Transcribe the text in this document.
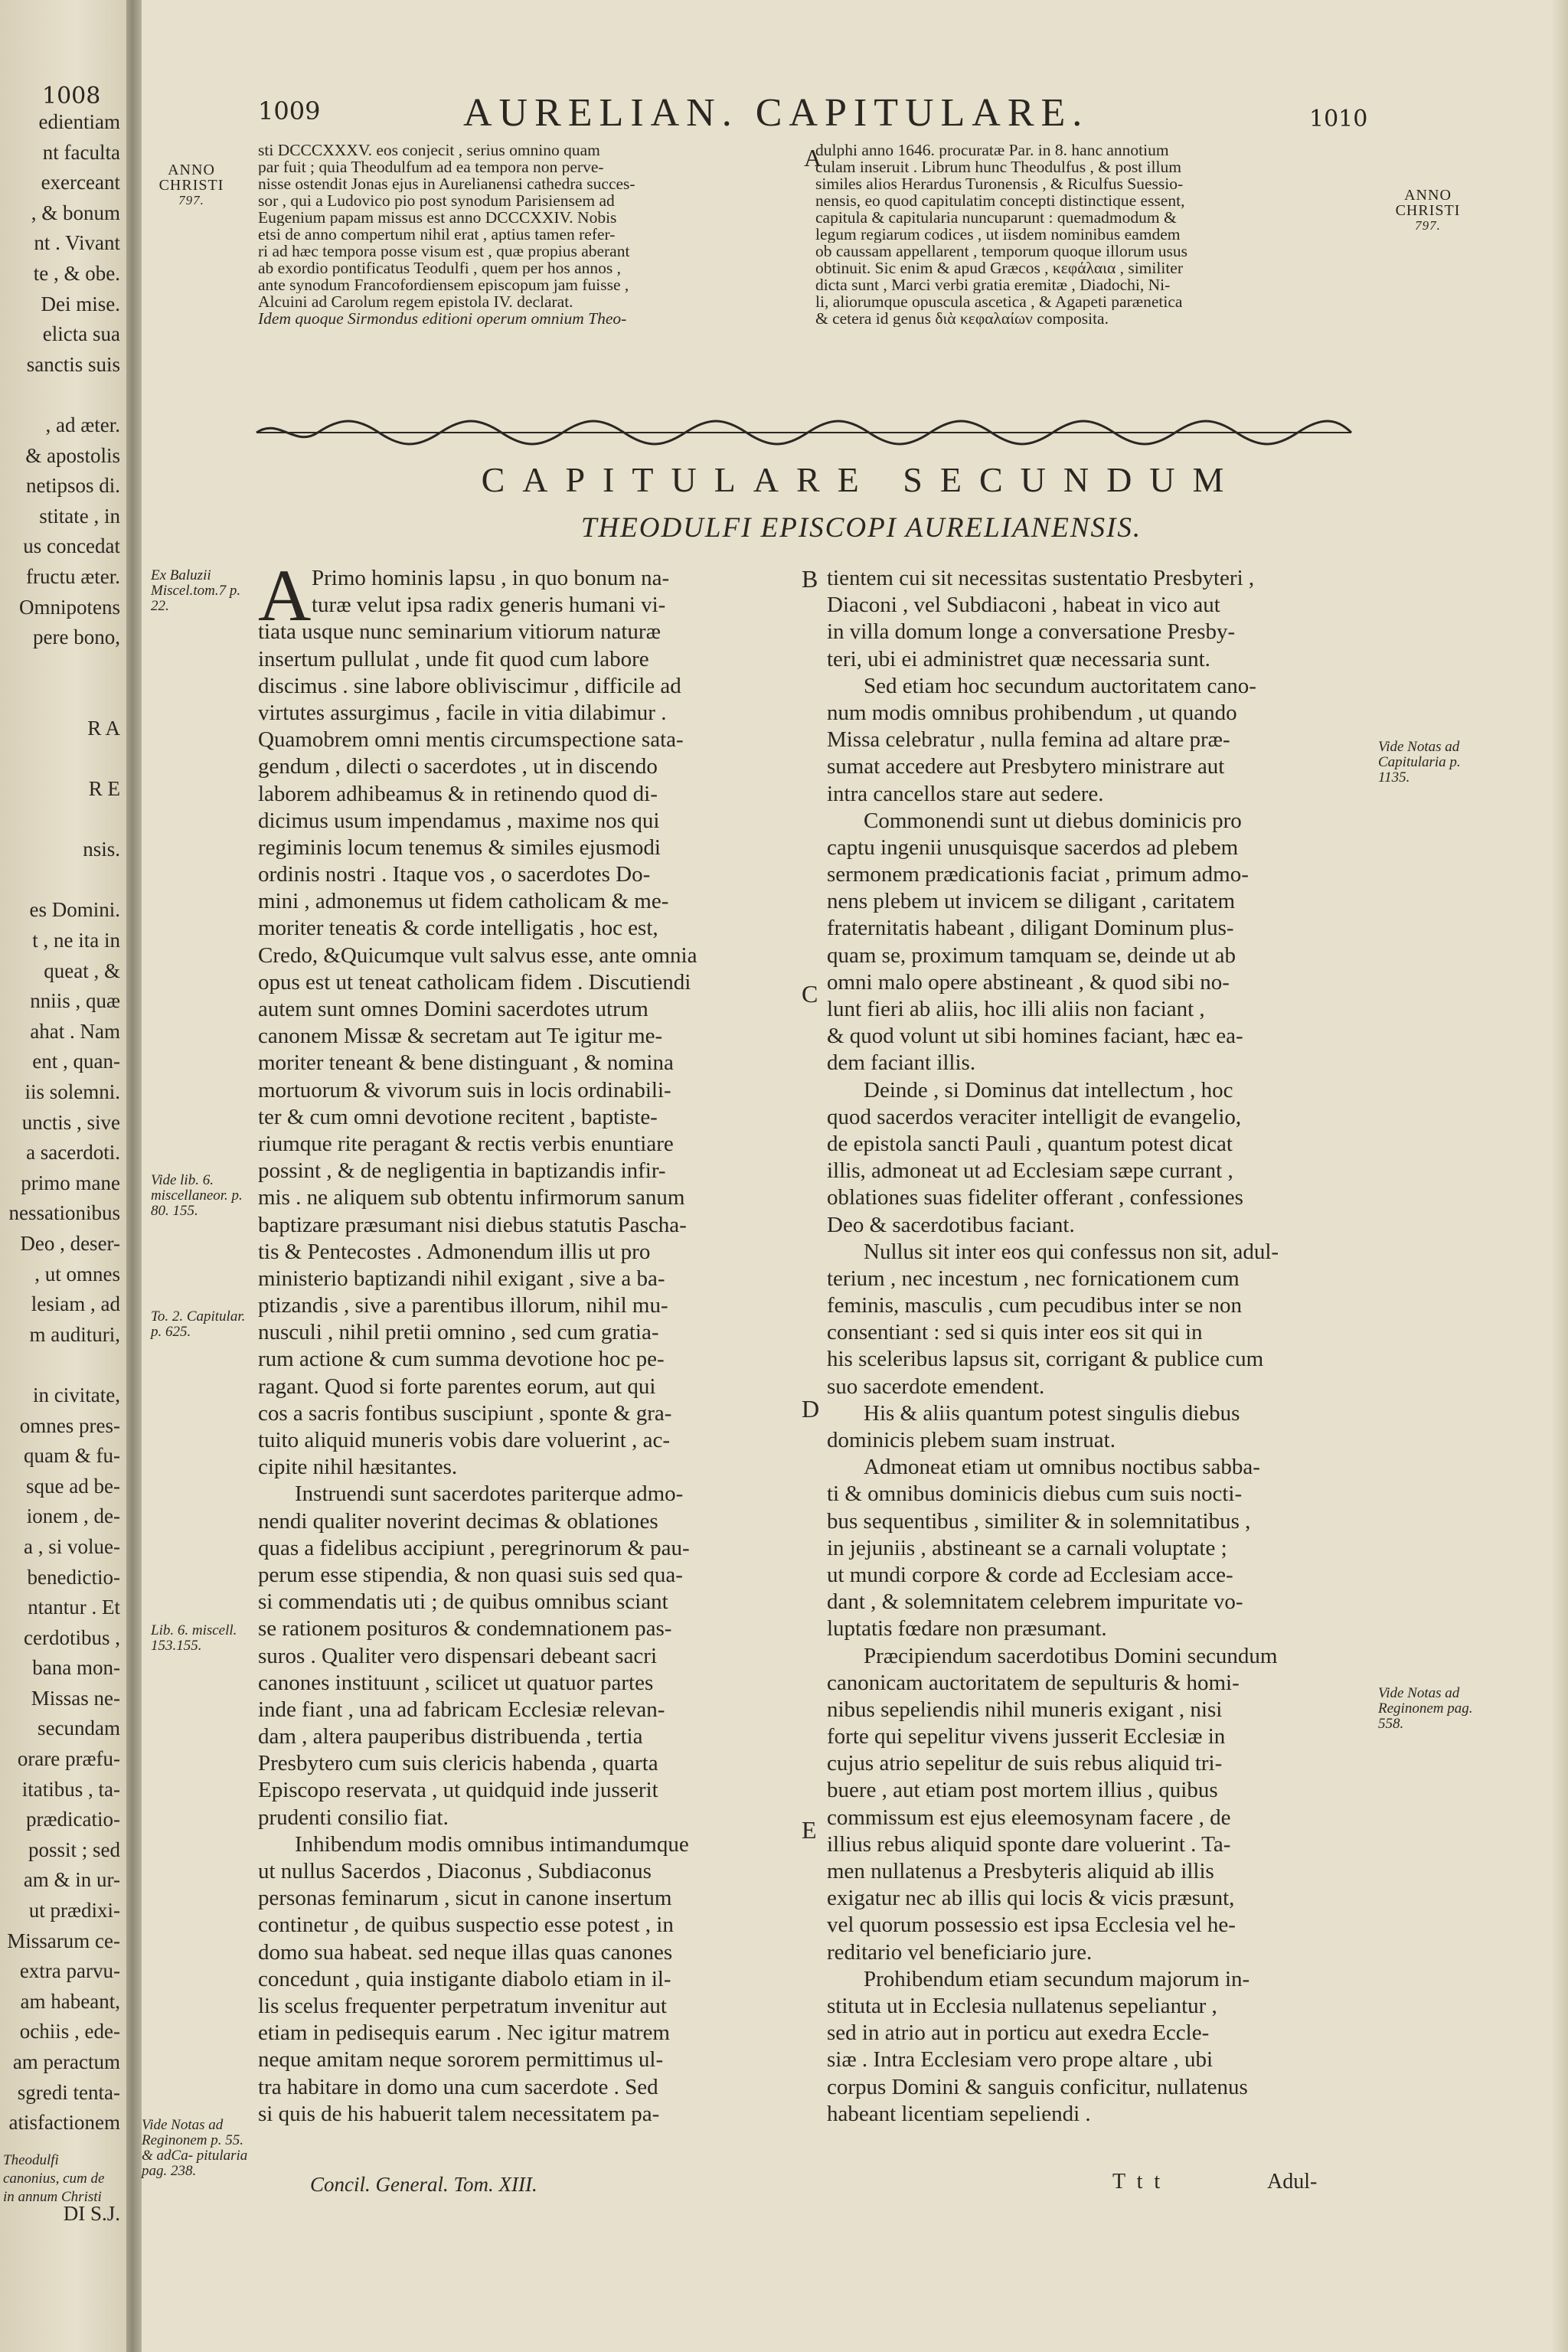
1008
edientiam
nt faculta
exerceant
, & bonum
nt . Vivant
te , & obe.
Dei mise.
elicta sua
sanctis suis
, ad æter.
& apostolis
netipsos di.
stitate , in
us concedat
fructu æter.
Omnipotens
pere bono,
R A
R E
nsis.
es Domini.
t , ne ita in
queat , &
nniis , quæ
ahat . Nam
ent , quan-
iis solemni.
unctis , sive
a sacerdoti.
primo mane
nessationibus
Deo , deser-
, ut omnes
lesiam , ad
m audituri,
in civitate,
omnes pres-
quam & fu-
sque ad be-
ionem , de-
a , si volue-
benedictio-
ntantur . Et
cerdotibus ,
bana mon-
Missas ne-
secundam
orare præfu-
itatibus , ta-
prædicatio-
possit ; sed
am & in ur-
ut prædixi-
Missarum ce-
extra parvu-
am habeant,
ochiis , ede-
am peractum
sgredi tenta-
atisfactionem
DI S.J.
Theodulfi canonius, cum de in annum Christi
1009	AURELIAN. CAPITULARE.	1010
ANNO
CHRISTI
797.	ANNO
CHRISTI
797.
sti DCCCXXXV. eos conjecit , serius omnino quam
par fuit ; quia Theodulfum ad ea tempora non perve-
nisse ostendit Jonas ejus in Aurelianensi cathedra succes-
sor , qui a Ludovico pio post synodum Parisiensem ad
Eugenium papam missus est anno DCCCXXIV. Nobis
etsi de anno compertum nihil erat , aptius tamen refer-
ri ad hæc tempora posse visum est , quæ propius aberant
ab exordio pontificatus Teodulfi , quem per hos annos ,
ante synodum Francofordiensem episcopum jam fuisse ,
Alcuini ad Carolum regem epistola IV. declarat.
Idem quoque Sirmondus editioni operum omnium Theo-
A
dulphi anno 1646. procuratæ Par. in 8. hanc annotium
culam inseruit . Librum hunc Theodulfus , & post illum
similes alios Herardus Turonensis , & Riculfus Suessio-
nensis, eo quod capitulatim concepti distinctique essent,
capitula & capitularia nuncuparunt : quemadmodum &
legum regiarum codices , ut iisdem nominibus eamdem
ob caussam appellarent , temporum quoque illorum usus
obtinuit. Sic enim & apud Græcos , κεφάλαια , similiter
dicta sunt , Marci verbi gratia eremitæ , Diadochi, Ni-
li, aliorumque opuscula ascetica , & Agapeti parænetica
& cetera id genus διὰ κεφαλαίων composita.
CAPITULARE SECUNDUM
THEODULFI EPISCOPI AURELIANENSIS.
A Primo hominis lapsu , in quo bonum na-
turæ velut ipsa radix generis humani vi-
tiata usque nunc seminarium vitiorum naturæ
insertum pullulat , unde fit quod cum labore
discimus . sine labore obliviscimur , difficile ad
virtutes assurgimus , facile in vitia dilabimur .
Quamobrem omni mentis circumspectione sata-
gendum , dilecti o sacerdotes , ut in discendo
laborem adhibeamus & in retinendo quod di-
dicimus usum impendamus , maxime nos qui
regiminis locum tenemus & similes ejusmodi
ordinis nostri . Itaque vos , o sacerdotes Do-
mini , admonemus ut fidem catholicam & me-
moriter teneatis & corde intelligatis , hoc est,
Credo, &Quicumque vult salvus esse, ante omnia
opus est ut teneat catholicam fidem . Discutiendi
autem sunt omnes Domini sacerdotes utrum
canonem Missæ & secretam aut Te igitur me-
moriter teneant & bene distinguant , & nomina
mortuorum & vivorum suis in locis ordinabili-
ter & cum omni devotione recitent , baptiste-
riumque rite peragant & rectis verbis enuntiare
possint , & de negligentia in baptizandis infir-
mis . ne aliquem sub obtentu infirmorum sanum
baptizare præsumant nisi diebus statutis Pascha-
tis & Pentecostes . Admonendum illis ut pro
ministerio baptizandi nihil exigant , sive a ba-
ptizandis , sive a parentibus illorum, nihil mu-
nusculi , nihil pretii omnino , sed cum gratia-
rum actione & cum summa devotione hoc pe-
ragant. Quod si forte parentes eorum, aut qui
cos a sacris fontibus suscipiunt , sponte & gra-
tuito aliquid muneris vobis dare voluerint , ac-
cipite nihil hæsitantes.
Instruendi sunt sacerdotes pariterque admo-
nendi qualiter noverint decimas & oblationes
quas a fidelibus accipiunt , peregrinorum & pau-
perum esse stipendia, & non quasi suis sed qua-
si commendatis uti ; de quibus omnibus sciant
se rationem posituros & condemnationem pas-
suros . Qualiter vero dispensari debeant sacri
canones instituunt , scilicet ut quatuor partes
inde fiant , una ad fabricam Ecclesiæ relevan-
dam , altera pauperibus distribuenda , tertia
Presbytero cum suis clericis habenda , quarta
Episcopo reservata , ut quidquid inde jusserit
prudenti consilio fiat.
Inhibendum modis omnibus intimandumque
ut nullus Sacerdos , Diaconus , Subdiaconus
personas feminarum , sicut in canone insertum
continetur , de quibus suspectio esse potest , in
domo sua habeat. sed neque illas quas canones
concedunt , quia instigante diabolo etiam in il-
lis scelus frequenter perpetratum invenitur aut
etiam in pedisequis earum . Nec igitur matrem
neque amitam neque sororem permittimus ul-
tra habitare in domo una cum sacerdote . Sed
si quis de his habuerit talem necessitatem pa-
tientem cui sit necessitas sustentatio Presbyteri ,
Diaconi , vel Subdiaconi , habeat in vico aut
in villa domum longe a conversatione Presby-
teri, ubi ei administret quæ necessaria sunt.
Sed etiam hoc secundum auctoritatem cano-
num modis omnibus prohibendum , ut quando
Missa celebratur , nulla femina ad altare præ-
sumat accedere aut Presbytero ministrare aut
intra cancellos stare aut sedere.
Commonendi sunt ut diebus dominicis pro
captu ingenii unusquisque sacerdos ad plebem
sermonem prædicationis faciat , primum admo-
nens plebem ut invicem se diligant , caritatem
fraternitatis habeant , diligant Dominum plus-
quam se, proximum tamquam se, deinde ut ab
omni malo opere abstineant , & quod sibi no-
lunt fieri ab aliis, hoc illi aliis non faciant ,
& quod volunt ut sibi homines faciant, hæc ea-
dem faciant illis.
Deinde , si Dominus dat intellectum , hoc
quod sacerdos veraciter intelligit de evangelio,
de epistola sancti Pauli , quantum potest dicat
illis, admoneat ut ad Ecclesiam sæpe currant ,
oblationes suas fideliter offerant , confessiones
Deo & sacerdotibus faciant.
Nullus sit inter eos qui confessus non sit, adul-
terium , nec incestum , nec fornicationem cum
feminis, masculis , cum pecudibus inter se non
consentiant : sed si quis inter eos sit qui in
his sceleribus lapsus sit, corrigant & publice cum
suo sacerdote emendent.
His & aliis quantum potest singulis diebus
dominicis plebem suam instruat.
Admoneat etiam ut omnibus noctibus sabba-
ti & omnibus dominicis diebus cum suis nocti-
bus sequentibus , similiter & in solemnitatibus ,
in jejuniis , abstineant se a carnali voluptate ;
ut mundi corpore & corde ad Ecclesiam acce-
dant , & solemnitatem celebrem impuritate vo-
luptatis fœdare non præsumant.
Præcipiendum sacerdotibus Domini secundum
canonicam auctoritatem de sepulturis & homi-
nibus sepeliendis nihil muneris exigant , nisi
forte qui sepelitur vivens jusserit Ecclesiæ in
cujus atrio sepelitur de suis rebus aliquid tri-
buere , aut etiam post mortem illius , quibus
commissum est ejus eleemosynam facere , de
illius rebus aliquid sponte dare voluerint . Ta-
men nullatenus a Presbyteris aliquid ab illis
exigatur nec ab illis qui locis & vicis præsunt,
vel quorum possessio est ipsa Ecclesia vel he-
reditario vel beneficiario jure.
Prohibendum etiam secundum majorum in-
stituta ut in Ecclesia nullatenus sepeliantur ,
sed in atrio aut in porticu aut exedra Eccle-
siæ . Intra Ecclesiam vero prope altare , ubi
corpus Domini & sanguis conficitur, nullatenus
habeant licentiam sepeliendi .
B
C
D
E
Ex Baluzii Miscel.tom.7 p. 22.
Vide lib. 6. miscellaneor. p. 80. 155.
To. 2. Capitular. p. 625.
Lib. 6. miscell. 153.155.
Vide Notas ad Reginonem p. 55. & adCa- pitularia pag. 238.
Vide Notas ad Capitularia p. 1135.
Vide Notas ad Reginonem pag. 558.
Concil. General. Tom. XIII.	T t t	Adul-
